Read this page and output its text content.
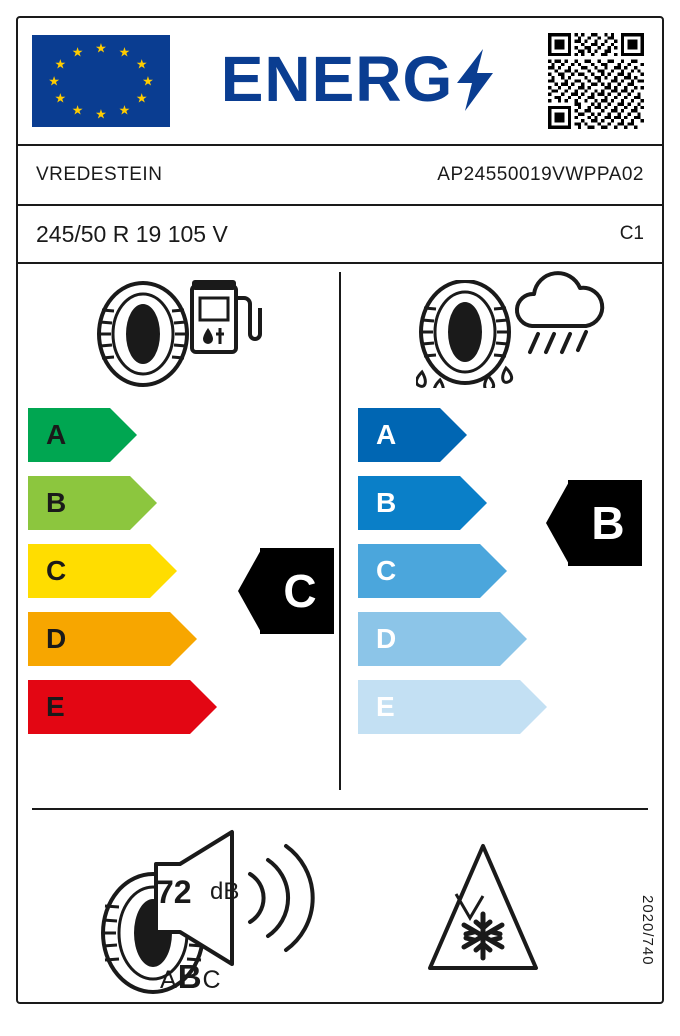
★ ★
★
★
★
★
★
★
★
★
★
★	ENERG
VREDESTEIN	AP24550019VWPPA02
245/50 R 19 105 V	C1
A
B
C
D
E
C
A
B
C
D
E
B
72 dB
ABC
2020/740
